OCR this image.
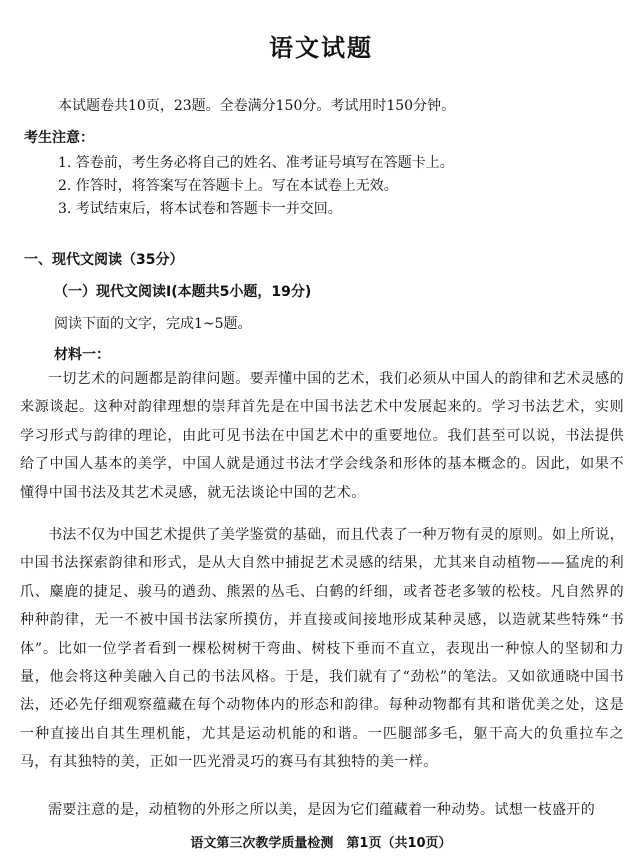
语文试题
本试题卷共10页，23题。全卷满分150分。考试用时150分钟。
考生注意：
1. 答卷前，考生务必将自己的姓名、准考证号填写在答题卡上。
2. 作答时，将答案写在答题卡上。写在本试卷上无效。
3. 考试结束后，将本试卷和答题卡一并交回。
一、现代文阅读（35分）
（一）现代文阅读Ⅰ(本题共5小题，19分)
阅读下面的文字，完成1~5题。
材料一：
一切艺术的问题都是韵律问题。要弄懂中国的艺术，我们必须从中国人的韵律和艺术灵感的来源谈起。这种对韵律理想的崇拜首先是在中国书法艺术中发展起来的。学习书法艺术，实则学习形式与韵律的理论，由此可见书法在中国艺术中的重要地位。我们甚至可以说，书法提供给了中国人基本的美学，中国人就是通过书法才学会线条和形体的基本概念的。因此，如果不懂得中国书法及其艺术灵感，就无法谈论中国的艺术。
书法不仅为中国艺术提供了美学鉴赏的基础，而且代表了一种万物有灵的原则。如上所说，中国书法探索韵律和形式，是从大自然中捕捉艺术灵感的结果，尤其来自动植物——猛虎的利爪、麋鹿的捷足、骏马的遒劲、熊罴的丛毛、白鹤的纤细，或者苍老多皱的松枝。凡自然界的种种韵律，无一不被中国书法家所摸仿，并直接或间接地形成某种灵感，以造就某些特殊“书体”。比如一位学者看到一棵松树树干弯曲、树枝下垂而不直立，表现出一种惊人的坚韧和力量，他会将这种美融入自己的书法风格。于是，我们就有了“劲松”的笔法。又如欲通晓中国书法，还必先仔细观察蕴藏在每个动物体内的形态和韵律。每种动物都有其和谐优美之处，这是一种直接出自其生理机能，尤其是运动机能的和谐。一匹腿部多毛，躯干高大的负重拉车之马，有其独特的美，正如一匹光滑灵巧的赛马有其独特的美一样。
需要注意的是，动植物的外形之所以美，是因为它们蕴藏着一种动势。试想一枝盛开的
语文第三次教学质量检测　第1页（共10页）
